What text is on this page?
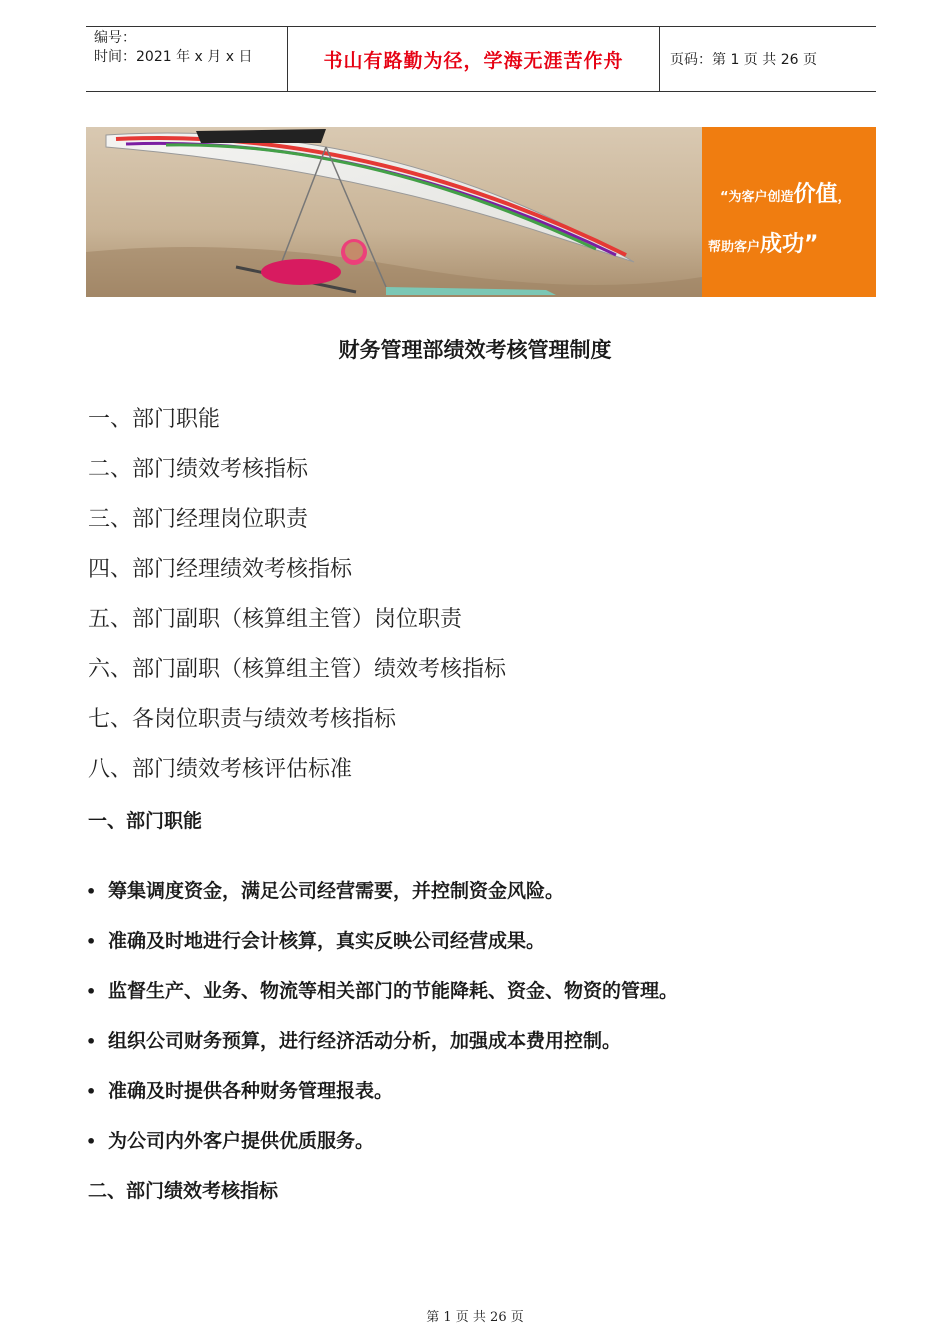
编号：
时间：2021 年 x 月 x 日	书山有路勤为径，学海无涯苦作舟	页码：第 1 页 共 26 页
“为客户创造价值，
帮助客户成功”
财务管理部绩效考核管理制度
一、部门职能
二、部门绩效考核指标
三、部门经理岗位职责
四、部门经理绩效考核指标
五、部门副职（核算组主管）岗位职责
六、部门副职（核算组主管）绩效考核指标
七、各岗位职责与绩效考核指标
八、部门绩效考核评估标准
一、部门职能
• 筹集调度资金，满足公司经营需要，并控制资金风险。
• 准确及时地进行会计核算，真实反映公司经营成果。
• 监督生产、业务、物流等相关部门的节能降耗、资金、物资的管理。
• 组织公司财务预算，进行经济活动分析，加强成本费用控制。
• 准确及时提供各种财务管理报表。
• 为公司内外客户提供优质服务。
二、部门绩效考核指标
第 1 页 共 26 页
